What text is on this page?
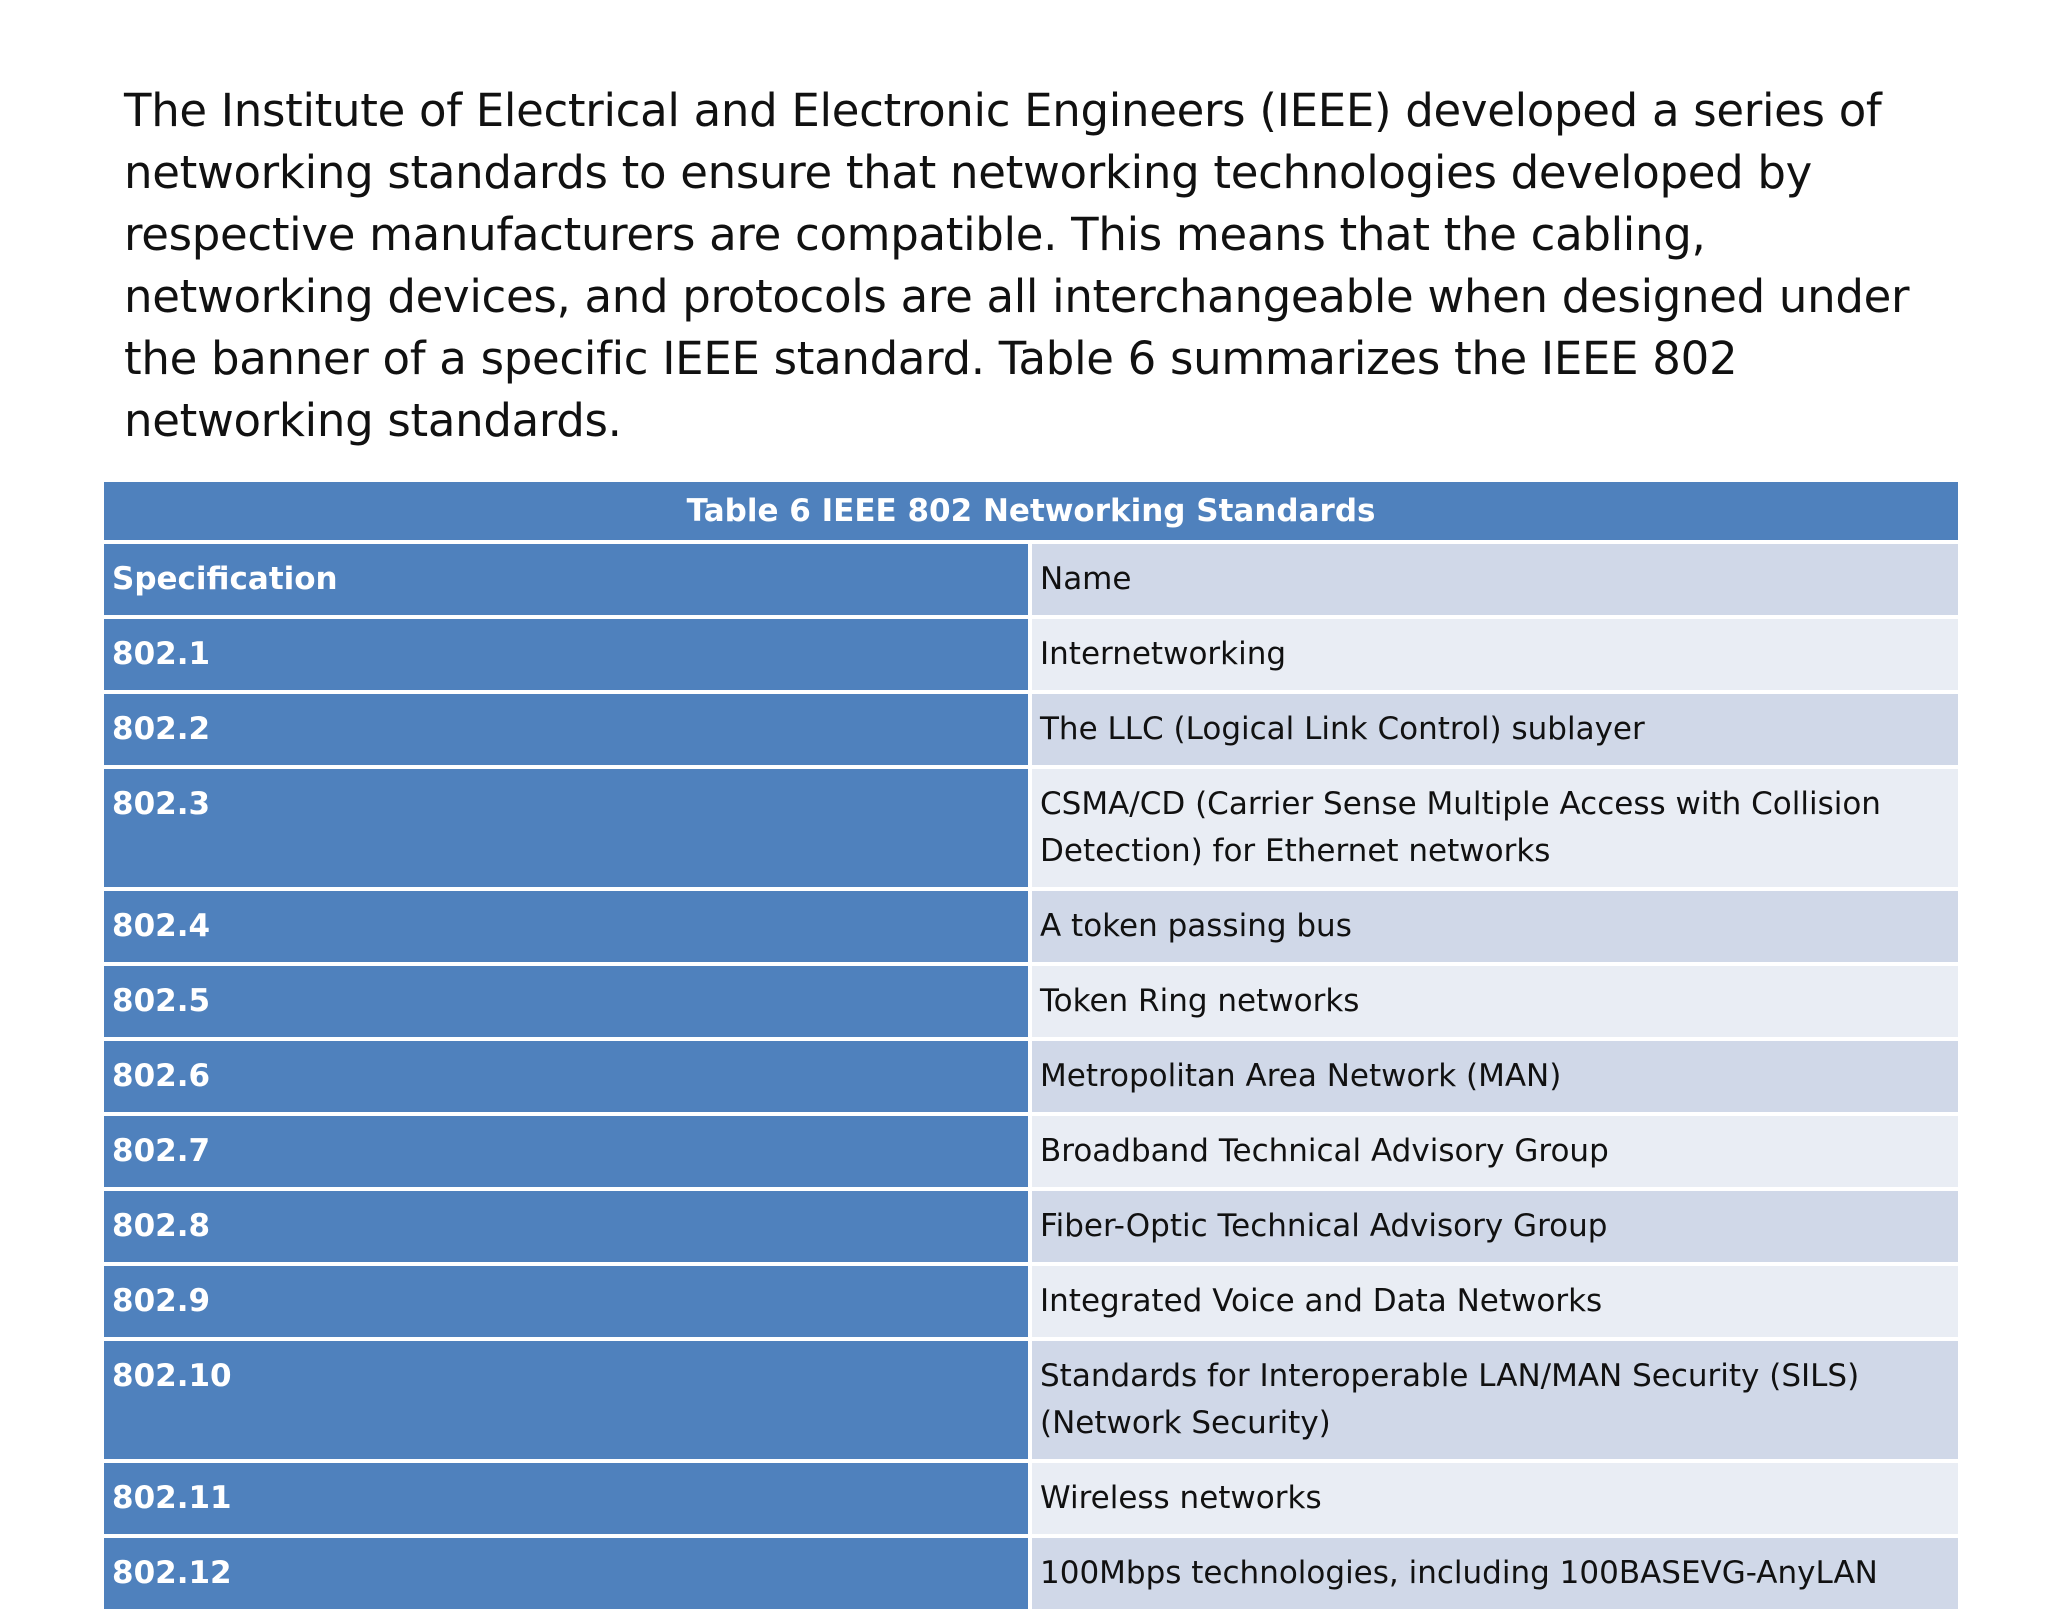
The Institute of Electrical and Electronic Engineers (IEEE) developed a series of networking standards to ensure that networking technologies developed by respective manufacturers are compatible. This means that the cabling, networking devices, and protocols are all interchangeable when designed under the banner of a specific IEEE standard. Table 6 summarizes the IEEE 802 networking standards.

Table 6 IEEE 802 Networking Standards		
Specification		Name
802.1		Internetworking
802.2		The LLC (Logical Link Control) sublayer
802.3		CSMA/CD (Carrier Sense Multiple Access with Collision Detection) for Ethernet networks
802.4		A token passing bus
802.5		Token Ring networks
802.6		Metropolitan Area Network (MAN)
802.7		Broadband Technical Advisory Group
802.8		Fiber-Optic Technical Advisory Group
802.9		Integrated Voice and Data Networks
802.10		Standards for Interoperable LAN/MAN Security (SILS) (Network Security)
802.11		Wireless networks
802.12		100Mbps technologies, including 100BASEVG-AnyLAN
